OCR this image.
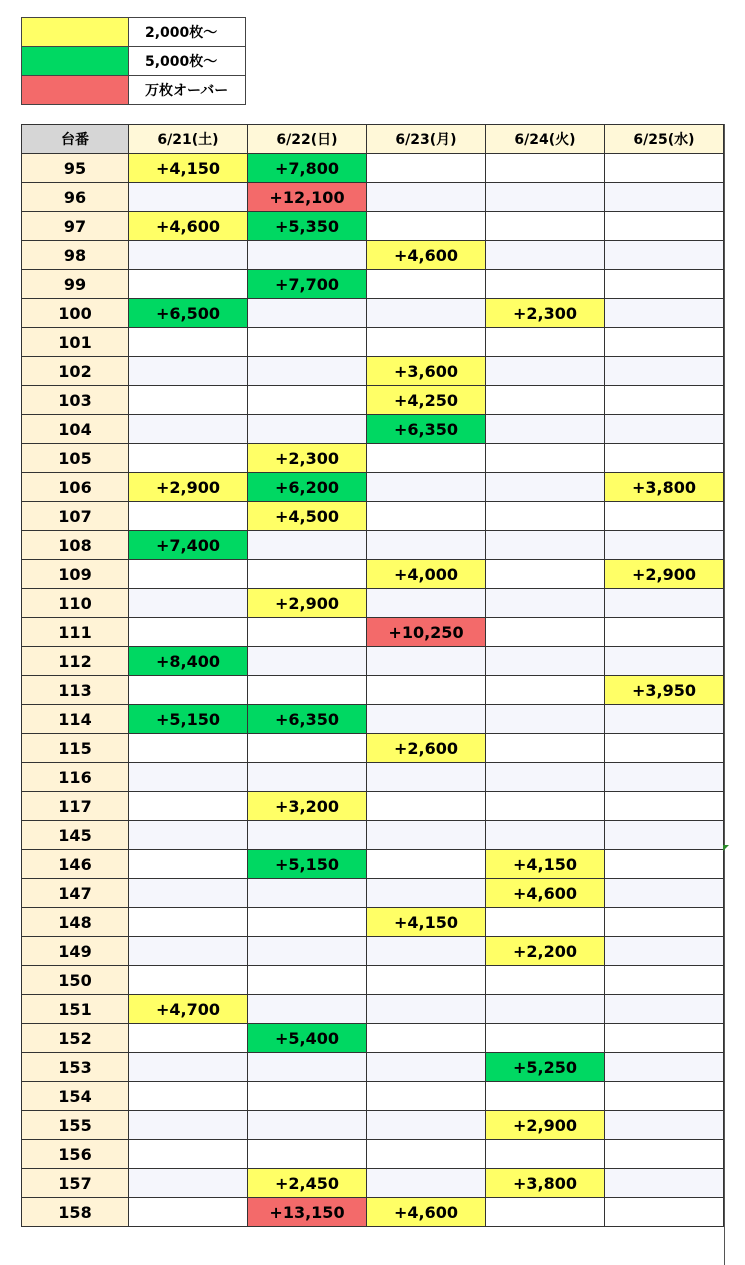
	2,000枚～
	5,000枚～
	万枚オーバー
台番	6/21(土)	6/22(日)	6/23(月)	6/24(火)	6/25(水)
95	+4,150	+7,800			
96		+12,100			
97	+4,600	+5,350			
98			+4,600		
99		+7,700			
100	+6,500			+2,300	
101					
102			+3,600		
103			+4,250		
104			+6,350		
105		+2,300			
106	+2,900	+6,200			+3,800
107		+4,500			
108	+7,400				
109			+4,000		+2,900
110		+2,900			
111			+10,250		
112	+8,400				
113					+3,950
114	+5,150	+6,350			
115			+2,600		
116					
117		+3,200			
145					
146		+5,150		+4,150	
147				+4,600	
148			+4,150		
149				+2,200	
150					
151	+4,700				
152		+5,400			
153				+5,250	
154					
155				+2,900	
156					
157		+2,450		+3,800	
158		+13,150	+4,600		
